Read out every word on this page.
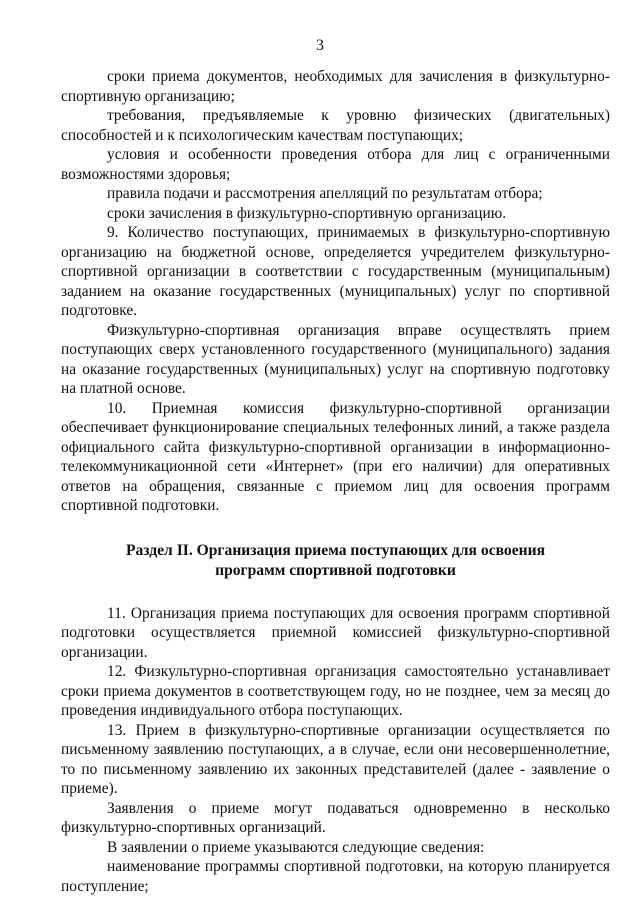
3

сроки приема документов, необходимых для зачисления в физкультурно-спортивную организацию;

требования, предъявляемые к уровню физических (двигательных) способностей и к психологическим качествам поступающих;

условия и особенности проведения отбора для лиц с ограниченными возможностями здоровья;

правила подачи и рассмотрения апелляций по результатам отбора;

сроки зачисления в физкультурно-спортивную организацию.

9. Количество поступающих, принимаемых в физкультурно-спортивную организацию на бюджетной основе, определяется учредителем физкультурно-спортивной организации в соответствии с государственным (муниципальным) заданием на оказание государственных (муниципальных) услуг по спортивной подготовке.

Физкультурно-спортивная организация вправе осуществлять прием поступающих сверх установленного государственного (муниципального) задания на оказание государственных (муниципальных) услуг на спортивную подготовку на платной основе.

10. Приемная комиссия физкультурно-спортивной организации обеспечивает функционирование специальных телефонных линий, а также раздела официального сайта физкультурно-спортивной организации в информационно-телекоммуникационной сети «Интернет» (при его наличии) для оперативных ответов на обращения, связанные с приемом лиц для освоения программ спортивной подготовки.

Раздел II. Организация приема поступающих для освоения
программ спортивной подготовки

11. Организация приема поступающих для освоения программ спортивной подготовки осуществляется приемной комиссией физкультурно-спортивной организации.

12. Физкультурно-спортивная организация самостоятельно устанавливает сроки приема документов в соответствующем году, но не позднее, чем за месяц до проведения индивидуального отбора поступающих.

13. Прием в физкультурно-спортивные организации осуществляется по письменному заявлению поступающих, а в случае, если они несовершеннолетние, то по письменному заявлению их законных представителей (далее - заявление о приеме).

Заявления о приеме могут подаваться одновременно в несколько физкультурно-спортивных организаций.

В заявлении о приеме указываются следующие сведения:

наименование программы спортивной подготовки, на которую планируется поступление;
